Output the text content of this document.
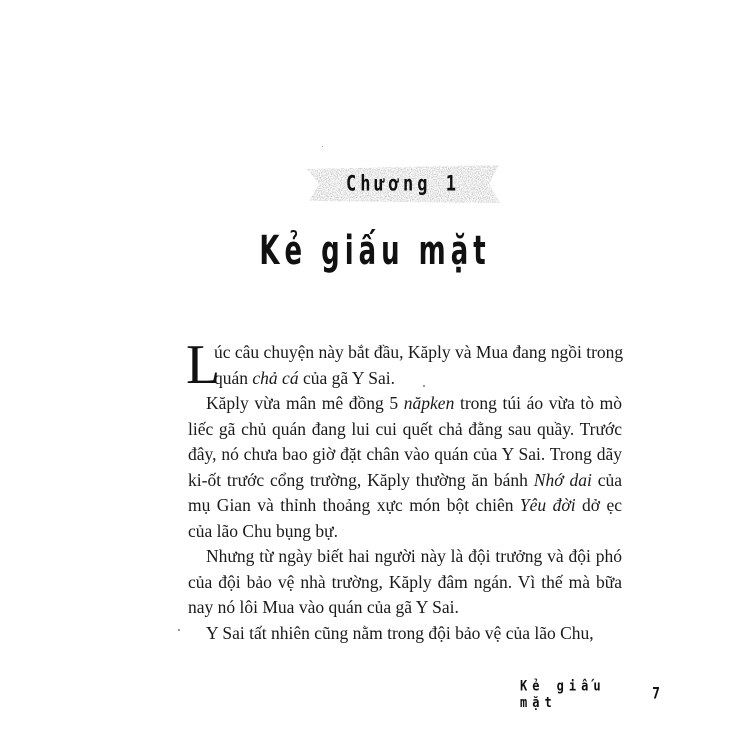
Chương 1
Kẻ giấu mặt
L
úc câu chuyện này bắt đầu, Kăply và Mua đang ngồi trong
quán chả cá của gã Y Sai.
Kăply vừa mân mê đồng 5 năpken trong túi áo vừa tò mò
liếc gã chủ quán đang lui cui quết chả đằng sau quầy. Trước
đây, nó chưa bao giờ đặt chân vào quán của Y Sai. Trong dãy
ki-ốt trước cổng trường, Kăply thường ăn bánh Nhớ dai của
mụ Gian và thỉnh thoảng xực món bột chiên Yêu đời dở ẹc
của lão Chu bụng bự.
Nhưng từ ngày biết hai người này là đội trưởng và đội phó
của đội bảo vệ nhà trường, Kăply đâm ngán. Vì thế mà bữa
nay nó lôi Mua vào quán của gã Y Sai.
Y Sai tất nhiên cũng nằm trong đội bảo vệ của lão Chu,
Kẻ giấu mặt	7
